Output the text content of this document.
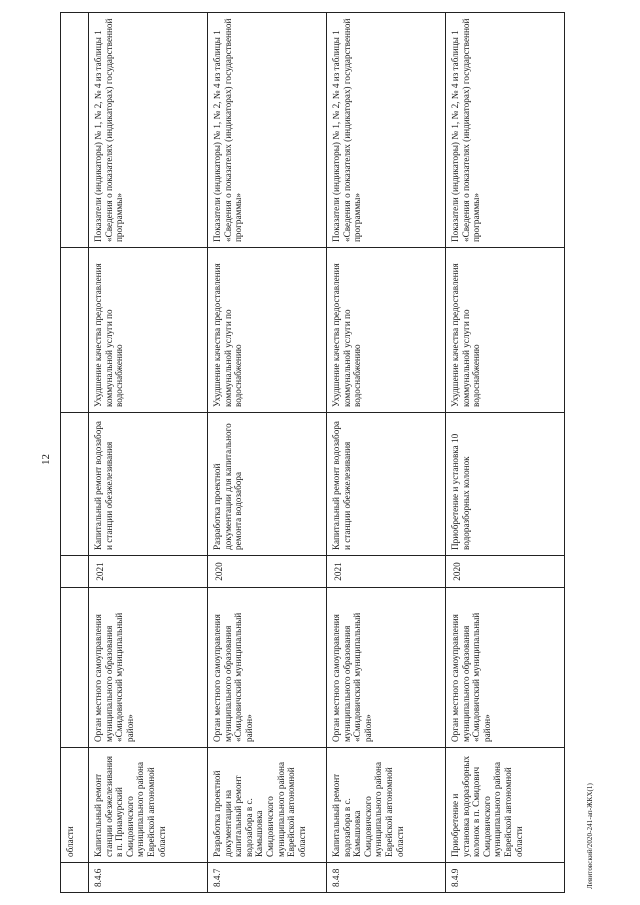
12
Левитовский/2020-241-ап-ЖКХ(1)
	области					
8.4.6	Капитальный ремонт станции обезжелезивания в п. Приамурский Смидовичского муниципального района Еврейской автономной области	Орган местного самоуправления муниципального образования «Смидовичский муниципальный район»	2021	Капитальный ремонт водозабора и станции обезжелезивания	Ухудшение качества предоставления коммунальной услуги по водоснабжению	Показатели (индикаторы) № 1, № 2, № 4 из таблицы 1 «Сведения о показателях (индикаторах) государственной программы»
8.4.7	Разработка проектной документации на капитальный ремонт водозабора в с. Камышовка Смидовичского муниципального района Еврейской автономной области	Орган местного самоуправления муниципального образования «Смидовичский муниципальный район»	2020	Разработка проектной документации для капитального ремонта водозабора	Ухудшение качества предоставления коммунальной услуги по водоснабжению	Показатели (индикаторы) № 1, № 2, № 4 из таблицы 1 «Сведения о показателях (индикаторах) государственной программы»
8.4.8	Капитальный ремонт водозабора в с. Камышовка Смидовичского муниципального района Еврейской автономной области	Орган местного самоуправления муниципального образования «Смидовичский муниципальный район»	2021	Капитальный ремонт водозабора и станции обезжелезивания	Ухудшение качества предоставления коммунальной услуги по водоснабжению	Показатели (индикаторы) № 1, № 2, № 4 из таблицы 1 «Сведения о показателях (индикаторах) государственной программы»
8.4.9	Приобретение и установка водоразборных колонок в п. Смидович Смидовичского муниципального района Еврейской автономной области	Орган местного самоуправления муниципального образования «Смидовичский муниципальный район»	2020	Приобретение и установка 10 водоразборных колонок	Ухудшение качества предоставления коммунальной услуги по водоснабжению	Показатели (индикаторы) № 1, № 2, № 4 из таблицы 1 «Сведения о показателях (индикаторах) государственной программы»
